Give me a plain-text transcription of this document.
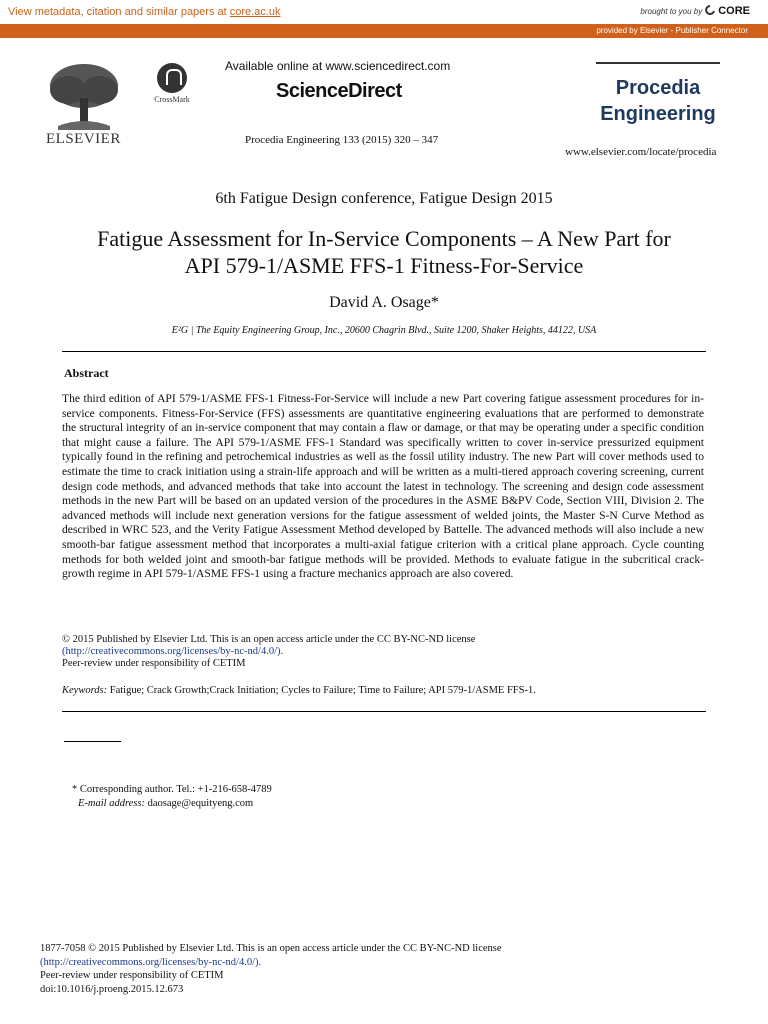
View metadata, citation and similar papers at core.ac.uk	brought to you by CORE
provided by Elsevier - Publisher Connector
ELSEVIER
CrossMark
Available online at www.sciencedirect.com
ScienceDirect
Procedia Engineering 133 (2015) 320 – 347
Procedia
Engineering
www.elsevier.com/locate/procedia
6th Fatigue Design conference, Fatigue Design 2015
Fatigue Assessment for In-Service Components – A New Part for
API 579-1/ASME FFS-1 Fitness-For-Service
David A. Osage*
E²G | The Equity Engineering Group, Inc., 20600 Chagrin Blvd., Suite 1200, Shaker Heights, 44122, USA
Abstract
The third edition of API 579-1/ASME FFS-1 Fitness-For-Service will include a new Part covering fatigue assessment procedures for in-service components. Fitness-For-Service (FFS) assessments are quantitative engineering evaluations that are performed to demonstrate the structural integrity of an in-service component that may contain a flaw or damage, or that may be operating under a specific condition that might cause a failure. The API 579-1/ASME FFS-1 Standard was specifically written to cover in-service pressurized equipment typically found in the refining and petrochemical industries as well as the fossil utility industry. The new Part will cover methods used to estimate the time to crack initiation using a strain-life approach and will be written as a multi-tiered approach covering screening, current design code methods, and advanced methods that take into account the latest in technology. The screening and design code assessment methods in the new Part will be based on an updated version of the procedures in the ASME B&PV Code, Section VIII, Division 2. The advanced methods will include next generation versions for the fatigue assessment of welded joints, the Master S-N Curve Method as described in WRC 523, and the Verity Fatigue Assessment Method developed by Battelle. The advanced methods will also include a new smooth-bar fatigue assessment method that incorporates a multi-axial fatigue criterion with a critical plane approach. Cycle counting methods for both welded joint and smooth-bar fatigue methods will be provided. Methods to evaluate fatigue in the subcritical crack-growth regime in API 579-1/ASME FFS-1 using a fracture mechanics approach are also covered.
© 2015 Published by Elsevier Ltd. This is an open access article under the CC BY-NC-ND license
(http://creativecommons.org/licenses/by-nc-nd/4.0/).
Peer-review under responsibility of CETIM
Keywords: Fatigue; Crack Growth;Crack Initiation; Cycles to Failure; Time to Failure; API 579-1/ASME FFS-1.
* Corresponding author. Tel.: +1-216-658-4789
E-mail address: daosage@equityeng.com
1877-7058 © 2015 Published by Elsevier Ltd. This is an open access article under the CC BY-NC-ND license
(http://creativecommons.org/licenses/by-nc-nd/4.0/).
Peer-review under responsibility of CETIM
doi:10.1016/j.proeng.2015.12.673
